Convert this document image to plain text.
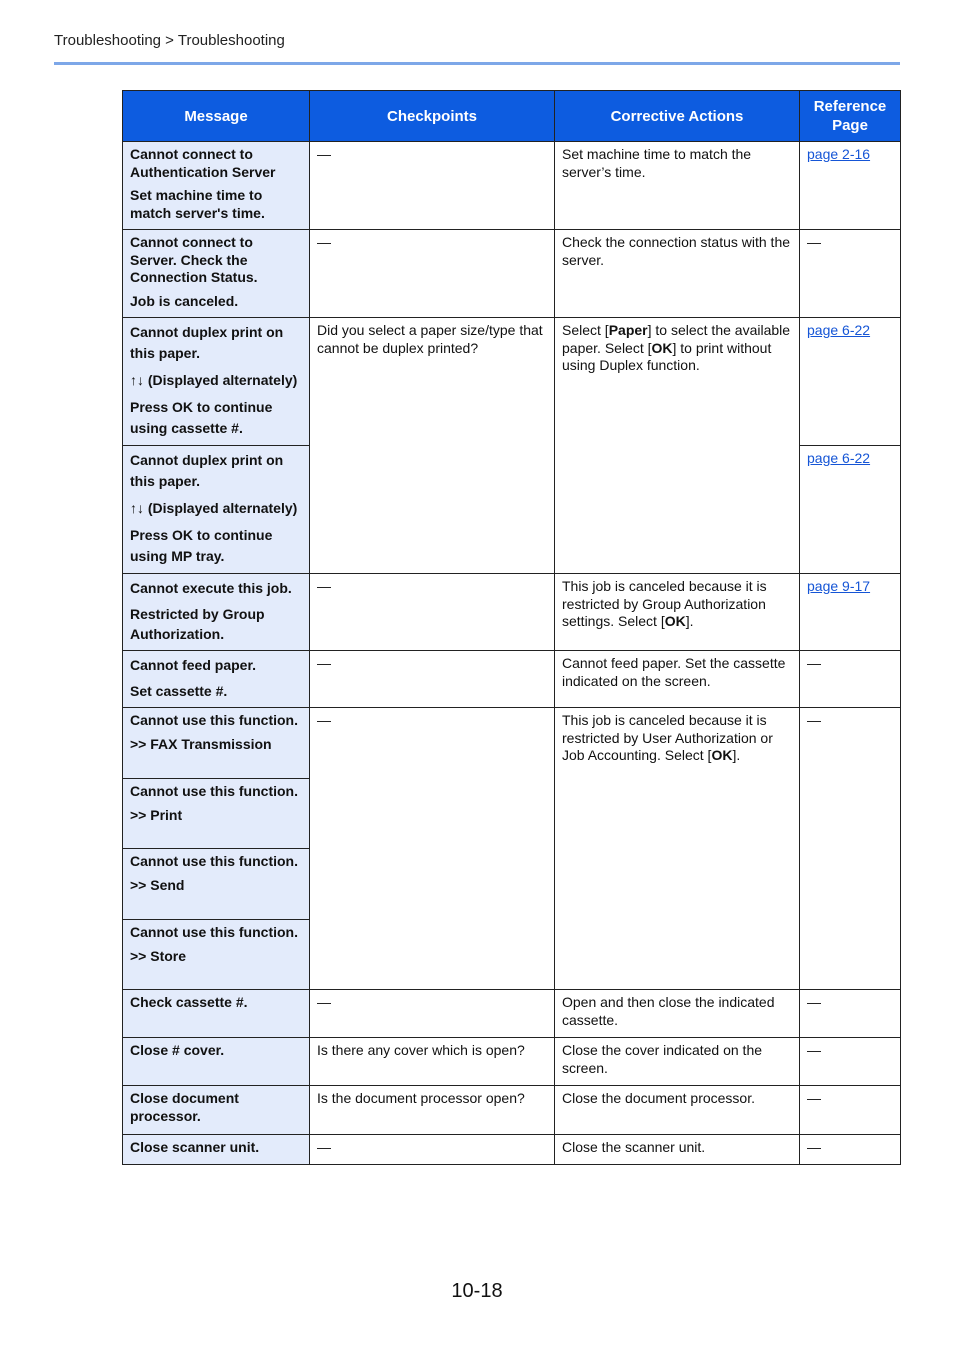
Troubleshooting > Troubleshooting
Message	Checkpoints	Corrective Actions	Reference Page

Cannot connect to Authentication Server
Set machine time to match server's time.	—	Set machine time to match the server’s time.	page 2-16

Cannot connect to Server. Check the Connection Status.
Job is canceled.	—	Check the connection status with the server.	—

Cannot duplex print on this paper.
↑↓ (Displayed alternately)
Press OK to continue using cassette #.	Did you select a paper size/type that cannot be duplex printed?	Select [Paper] to select the available paper. Select [OK] to print without using Duplex function.	page 6-22

Cannot duplex print on this paper.
↑↓ (Displayed alternately)
Press OK to continue using MP tray.			page 6-22

Cannot execute this job.
Restricted by Group Authorization.	—	This job is canceled because it is restricted by Group Authorization settings. Select [OK].	page 9-17

Cannot feed paper.
Set cassette #.	—	Cannot feed paper. Set the cassette indicated on the screen.	—

Cannot use this function.
>> FAX Transmission	—	This job is canceled because it is restricted by User Authorization or Job Accounting. Select [OK].	—

Cannot use this function.
>> Print			

Cannot use this function.
>> Send			

Cannot use this function.
>> Store			

Check cassette #.	—	Open and then close the indicated cassette.	—

Close # cover.	Is there any cover which is open?	Close the cover indicated on the screen.	—

Close document processor.	Is the document processor open?	Close the document processor.	—

Close scanner unit.	—	Close the scanner unit.	—
10-18
